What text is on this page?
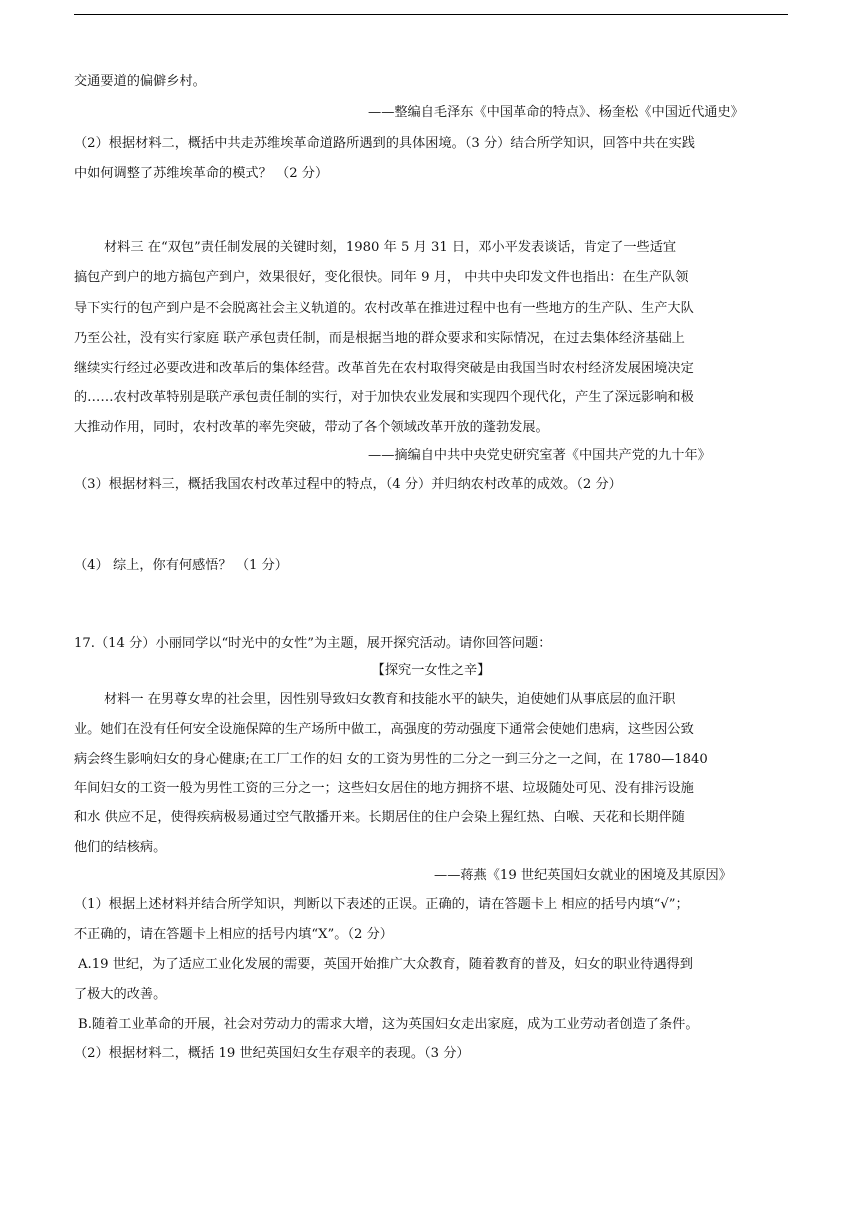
交通要道的偏僻乡村。
——整编自毛泽东《中国革命的特点》、杨奎松《中国近代通史》
（2）根据材料二，概括中共走苏维埃革命道路所遇到的具体困境。（3 分）结合所学知识，回答中共在实践
中如何调整了苏维埃革命的模式？ （2 分）
材料三 在“双包”责任制发展的关键时刻，1980 年 5 月 31 日，邓小平发表谈话，肯定了一些适宜
搞包产到户的地方搞包产到户，效果很好，变化很快。同年 9 月， 中共中央印发文件也指出：在生产队领
导下实行的包产到户是不会脱离社会主义轨道的。农村改革在推进过程中也有一些地方的生产队、生产大队
乃至公社，没有实行家庭 联产承包责任制，而是根据当地的群众要求和实际情况，在过去集体经济基础上
继续实行经过必要改进和改革后的集体经营。改革首先在农村取得突破是由我国当时农村经济发展困境决定
的……农村改革特别是联产承包责任制的实行，对于加快农业发展和实现四个现代化，产生了深远影响和极
大推动作用，同时，农村改革的率先突破，带动了各个领域改革开放的蓬勃发展。
——摘编自中共中央党史研究室著《中国共产党的九十年》
（3）根据材料三，概括我国农村改革过程中的特点，（4 分）并归纳农村改革的成效。（2 分）
（4） 综上，你有何感悟？ （1 分）
17.（14 分）小丽同学以“时光中的女性”为主题，展开探究活动。请你回答问题：
【探究一女性之辛】
材料一 在男尊女卑的社会里，因性别导致妇女教育和技能水平的缺失，迫使她们从事底层的血汗职
业。她们在没有任何安全设施保障的生产场所中做工，高强度的劳动强度下通常会使她们患病，这些因公致
病会终生影响妇女的身心健康;在工厂工作的妇 女的工资为男性的二分之一到三分之一之间，在 1780—1840
年间妇女的工资一般为男性工资的三分之一；这些妇女居住的地方拥挤不堪、垃圾随处可见、没有排污设施
和水 供应不足，使得疾病极易通过空气散播开来。长期居住的住户会染上猩红热、白喉、天花和长期伴随
他们的结核病。
——蒋燕《19 世纪英国妇女就业的困境及其原因》
（1）根据上述材料并结合所学知识，判断以下表述的正误。正确的，请在答题卡上 相应的括号内填“√”；
不正确的，请在答题卡上相应的括号内填“X”。（2 分）
A.19 世纪，为了适应工业化发展的需要，英国开始推广大众教育，随着教育的普及，妇女的职业待遇得到
了极大的改善。
B.随着工业革命的开展，社会对劳动力的需求大增，这为英国妇女走出家庭，成为工业劳动者创造了条件。
（2）根据材料二，概括 19 世纪英国妇女生存艰辛的表现。（3 分）
